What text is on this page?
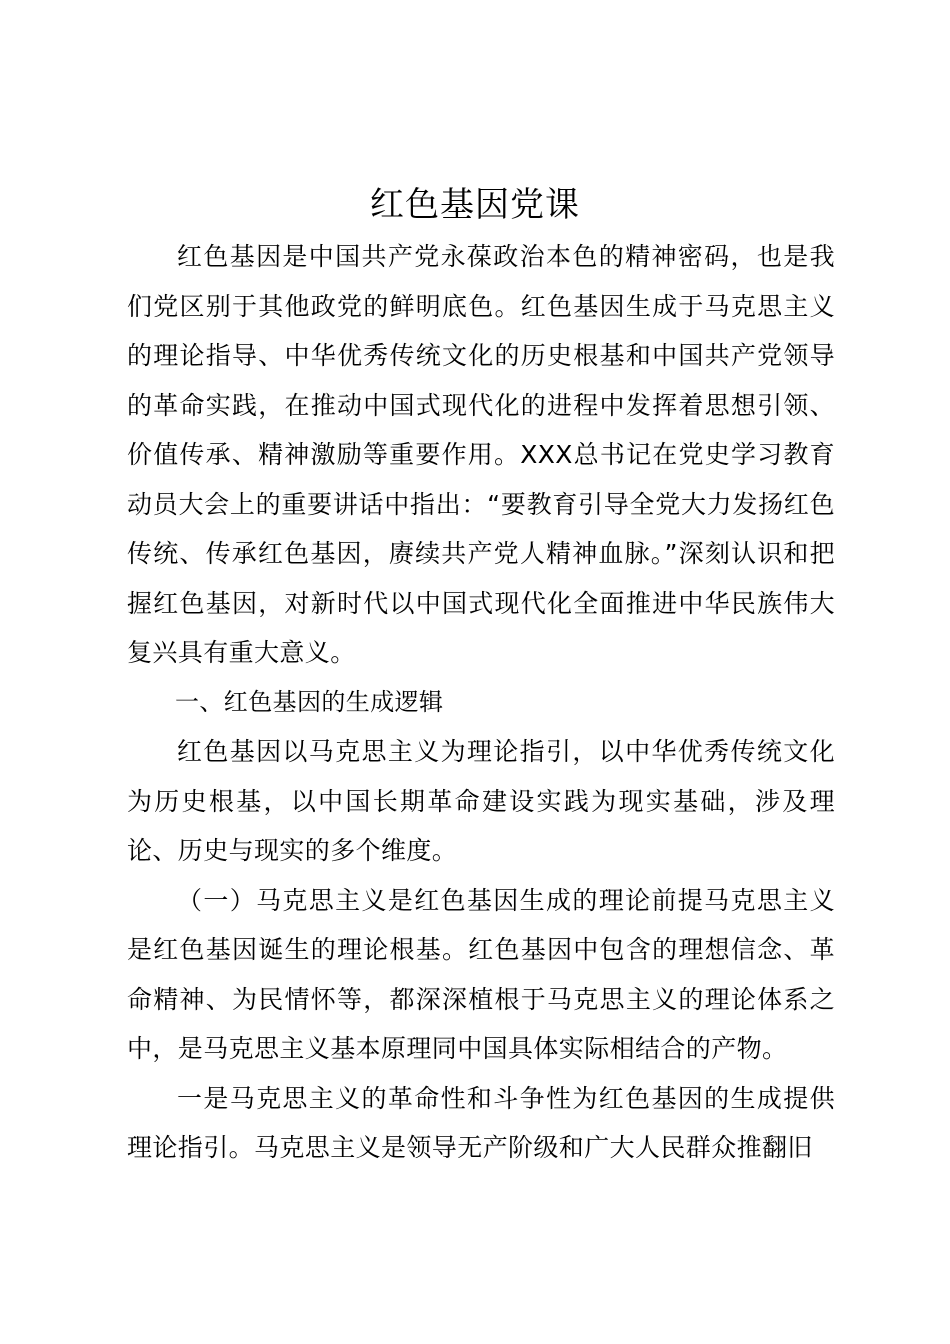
红色基因党课

红色基因是中国共产党永葆政治本色的精神密码，也是我们党区别于其他政党的鲜明底色。红色基因生成于马克思主义的理论指导、中华优秀传统文化的历史根基和中国共产党领导的革命实践，在推动中国式现代化的进程中发挥着思想引领、价值传承、精神激励等重要作用。XXX总书记在党史学习教育动员大会上的重要讲话中指出：“要教育引导全党大力发扬红色传统、传承红色基因，赓续共产党人精神血脉。”深刻认识和把握红色基因，对新时代以中国式现代化全面推进中华民族伟大复兴具有重大意义。

一、红色基因的生成逻辑

红色基因以马克思主义为理论指引，以中华优秀传统文化为历史根基，以中国长期革命建设实践为现实基础，涉及理论、历史与现实的多个维度。

（一）马克思主义是红色基因生成的理论前提马克思主义是红色基因诞生的理论根基。红色基因中包含的理想信念、革命精神、为民情怀等，都深深植根于马克思主义的理论体系之中，是马克思主义基本原理同中国具体实际相结合的产物。

一是马克思主义的革命性和斗争性为红色基因的生成提供理论指引。马克思主义是领导无产阶级和广大人民群众推翻旧
